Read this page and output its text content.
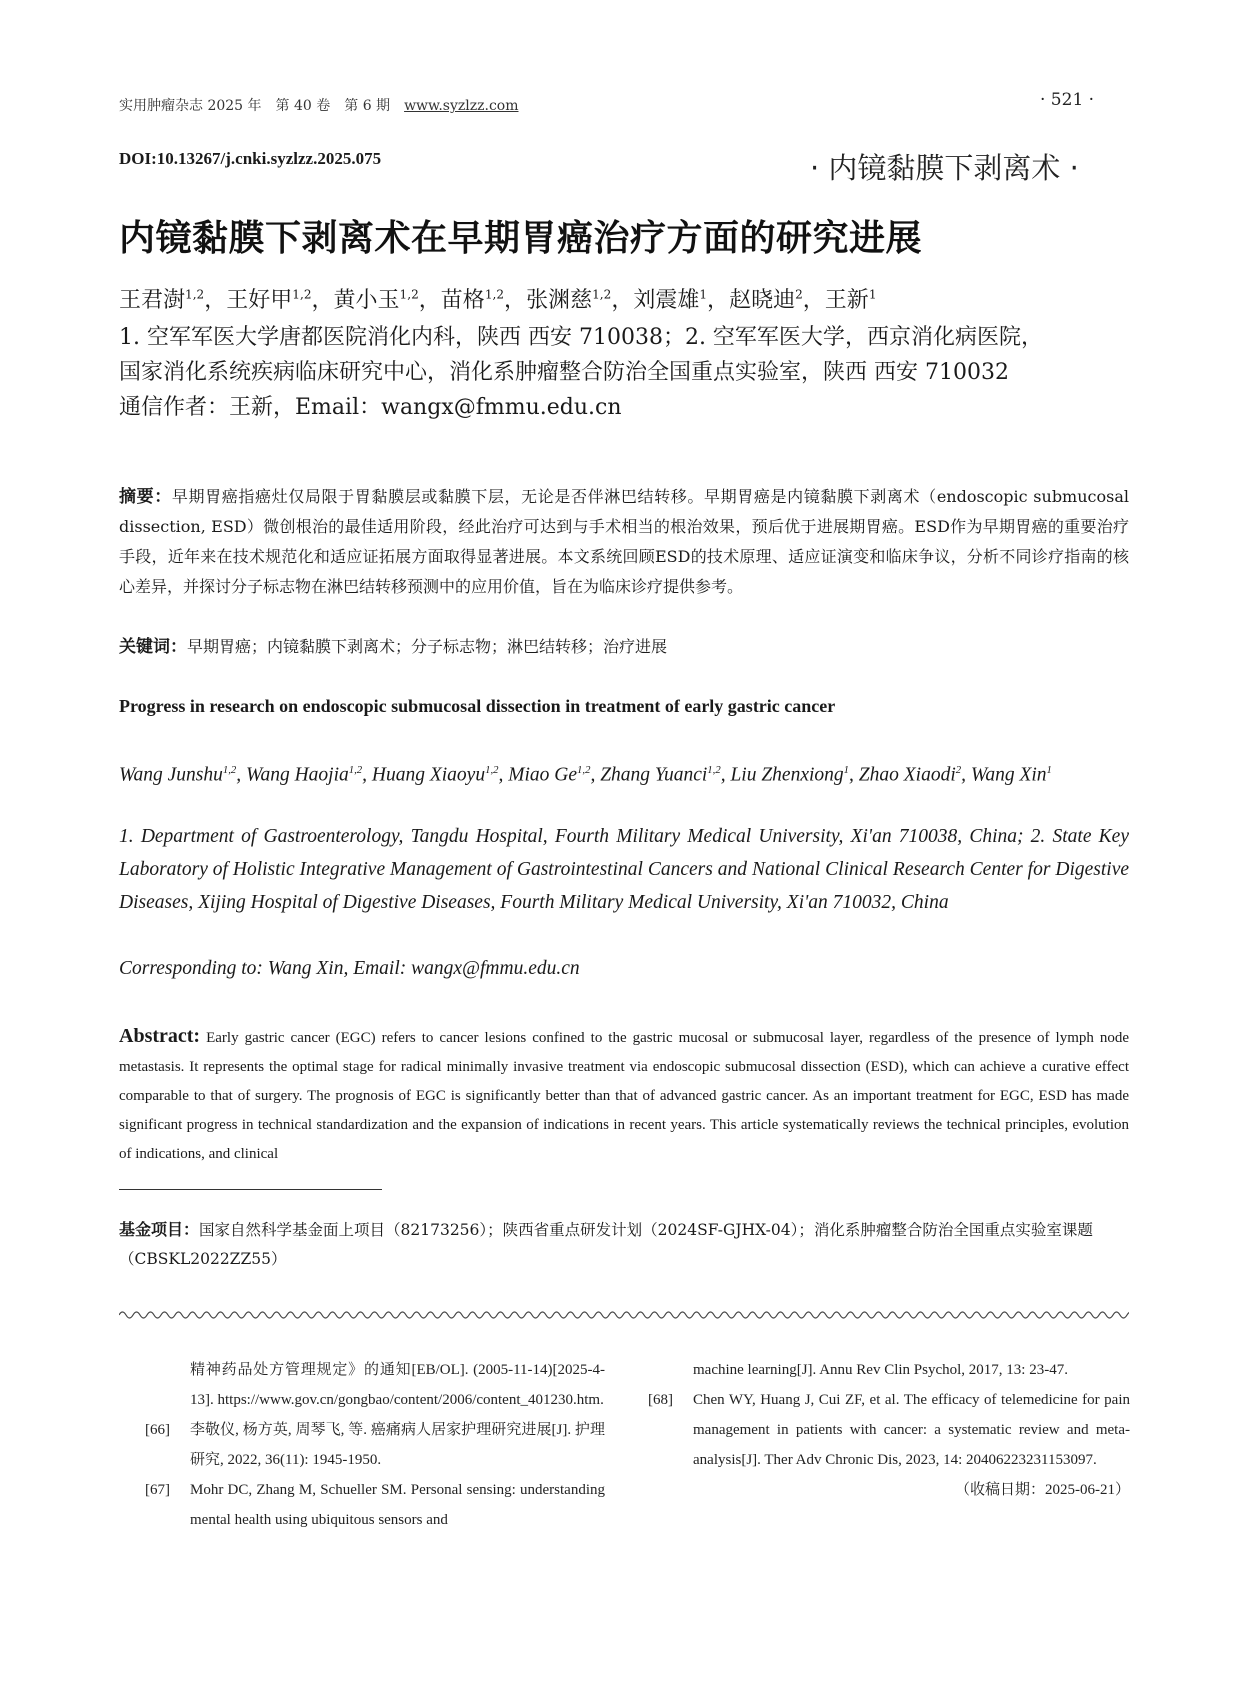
实用肿瘤杂志 2025 年　第 40 卷　第 6 期　www.syzlzz.com	· 521 ·
DOI:10.13267/j.cnki.syzlzz.2025.075	· 内镜黏膜下剥离术 ·
内镜黏膜下剥离术在早期胃癌治疗方面的研究进展
王君澍$^{1,2}$，王好甲$^{1,2}$，黄小玉$^{1,2}$，苗格$^{1,2}$，张渊慈$^{1,2}$，刘震雄$^1$，赵晓迪$^2$，王新$^1$
1. 空军军医大学唐都医院消化内科，陕西 西安 710038；2. 空军军医大学，西京消化病医院，
国家消化系统疾病临床研究中心，消化系肿瘤整合防治全国重点实验室，陕西 西安 710032
通信作者：王新，Email：wangx@fmmu.edu.cn
摘要：早期胃癌指癌灶仅局限于胃黏膜层或黏膜下层，无论是否伴淋巴结转移。早期胃癌是内镜黏膜下剥离术（endoscopic submucosal dissection, ESD）微创根治的最佳适用阶段，经此治疗可达到与手术相当的根治效果，预后优于进展期胃癌。ESD作为早期胃癌的重要治疗手段，近年来在技术规范化和适应证拓展方面取得显著进展。本文系统回顾ESD的技术原理、适应证演变和临床争议，分析不同诊疗指南的核心差异，并探讨分子标志物在淋巴结转移预测中的应用价值，旨在为临床诊疗提供参考。
关键词：早期胃癌；内镜黏膜下剥离术；分子标志物；淋巴结转移；治疗进展
Progress in research on endoscopic submucosal dissection in treatment of early gastric cancer
Wang Junshu$^{1,2}$, Wang Haojia$^{1,2}$, Huang Xiaoyu$^{1,2}$, Miao Ge$^{1,2}$, Zhang Yuanci$^{1,2}$, Liu Zhenxiong$^1$, Zhao Xiaodi$^2$, Wang Xin$^1$
1. Department of Gastroenterology, Tangdu Hospital, Fourth Military Medical University, Xi'an 710038, China; 2. State Key Laboratory of Holistic Integrative Management of Gastrointestinal Cancers and National Clinical Research Center for Digestive Diseases, Xijing Hospital of Digestive Diseases, Fourth Military Medical University, Xi'an 710032, China
Corresponding to: Wang Xin, Email: wangx@fmmu.edu.cn
Abstract: Early gastric cancer (EGC) refers to cancer lesions confined to the gastric mucosal or submucosal layer, regardless of the presence of lymph node metastasis. It represents the optimal stage for radical minimally invasive treatment via endoscopic submucosal dissection (ESD), which can achieve a curative effect comparable to that of surgery. The prognosis of EGC is significantly better than that of advanced gastric cancer. As an important treatment for EGC, ESD has made significant progress in technical standardization and the expansion of indications in recent years. This article systematically reviews the technical principles, evolution of indications, and clinical
基金项目：国家自然科学基金面上项目（82173256）；陕西省重点研发计划（2024SF-GJHX-04）；消化系肿瘤整合防治全国重点实验室课题（CBSKL2022ZZ55）
精神药品处方管理规定》的通知[EB/OL]. (2005-11-14)[2025-4-13]. https://www.gov.cn/gongbao/content/2006/content_401230.htm.
[66] 李敬仪, 杨方英, 周琴飞, 等. 癌痛病人居家护理研究进展[J]. 护理研究, 2022, 36(11): 1945-1950.
[67] Mohr DC, Zhang M, Schueller SM. Personal sensing: understanding mental health using ubiquitous sensors and
machine learning[J]. Annu Rev Clin Psychol, 2017, 13: 23-47.
[68] Chen WY, Huang J, Cui ZF, et al. The efficacy of telemedicine for pain management in patients with cancer: a systematic review and meta-analysis[J]. Ther Adv Chronic Dis, 2023, 14: 20406223231153097.
（收稿日期：2025-06-21）
